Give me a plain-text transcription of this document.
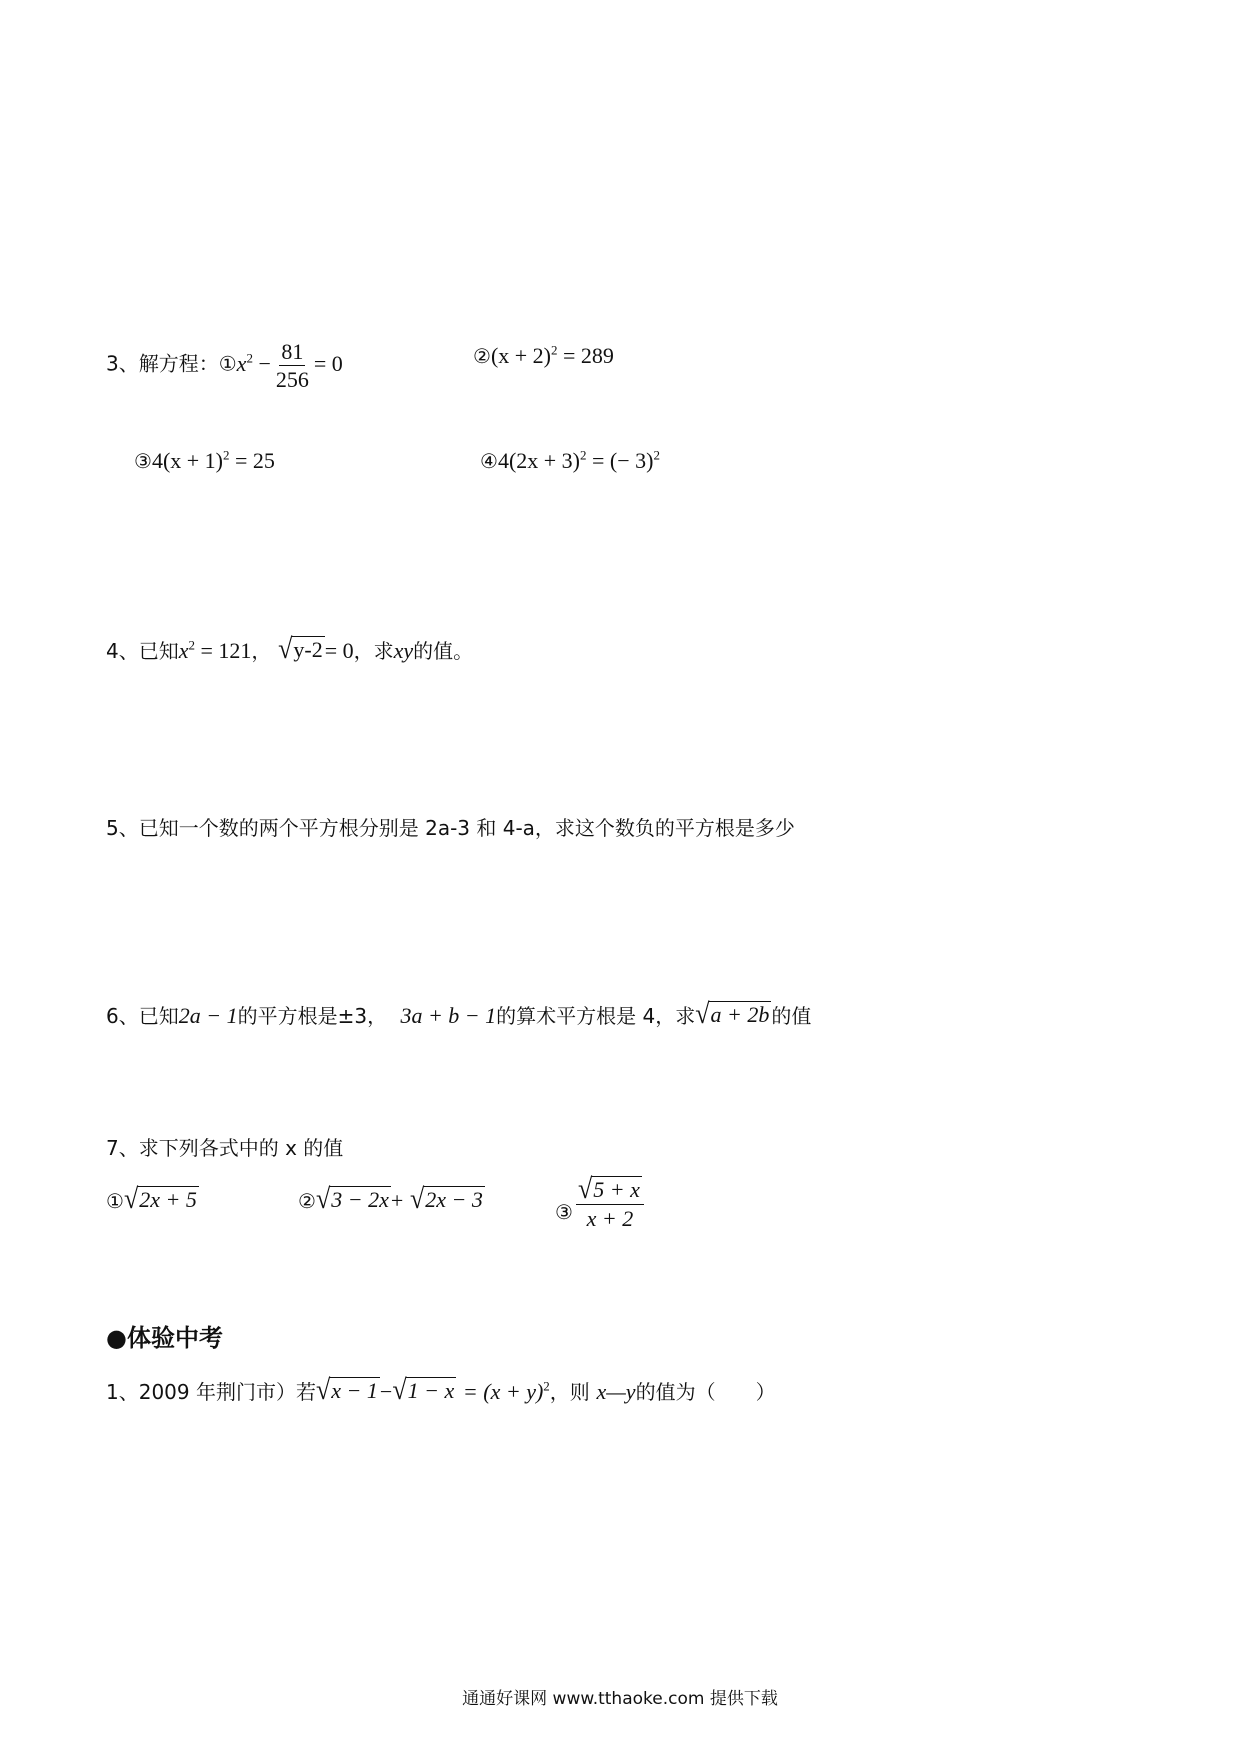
3、解方程：$①x^2 - \frac{81}{256} = 0$	②(x + 2)$^2$ = 289
③4(x + 1)$^2$ = 25	④4(2x + 3)$^2$ = (− 3)$^2$
4、已知$x^2 = 121$， √ y-2 = 0，求xy的值。
5、已知一个数的两个平方根分别是 2a-3 和 4-a，求这个数负的平方根是多少
6、已知2a − 1的平方根是±3， 3a + b − 1的算术平方根是 4，求 √ a + 2b 的值
7、求下列各式中的 x 的值
① √ 2x + 5	② √ 3 − 2x + √ 2x − 3	③ $\frac{√ 5 + x}{x + 2}$
●体验中考
1、2009 年荆门市）若 √ x − 1 − √ $1 - x = (x + y)^2$，则 x—y的值为（　　）
通通好课网 www.tthaoke.com 提供下载
